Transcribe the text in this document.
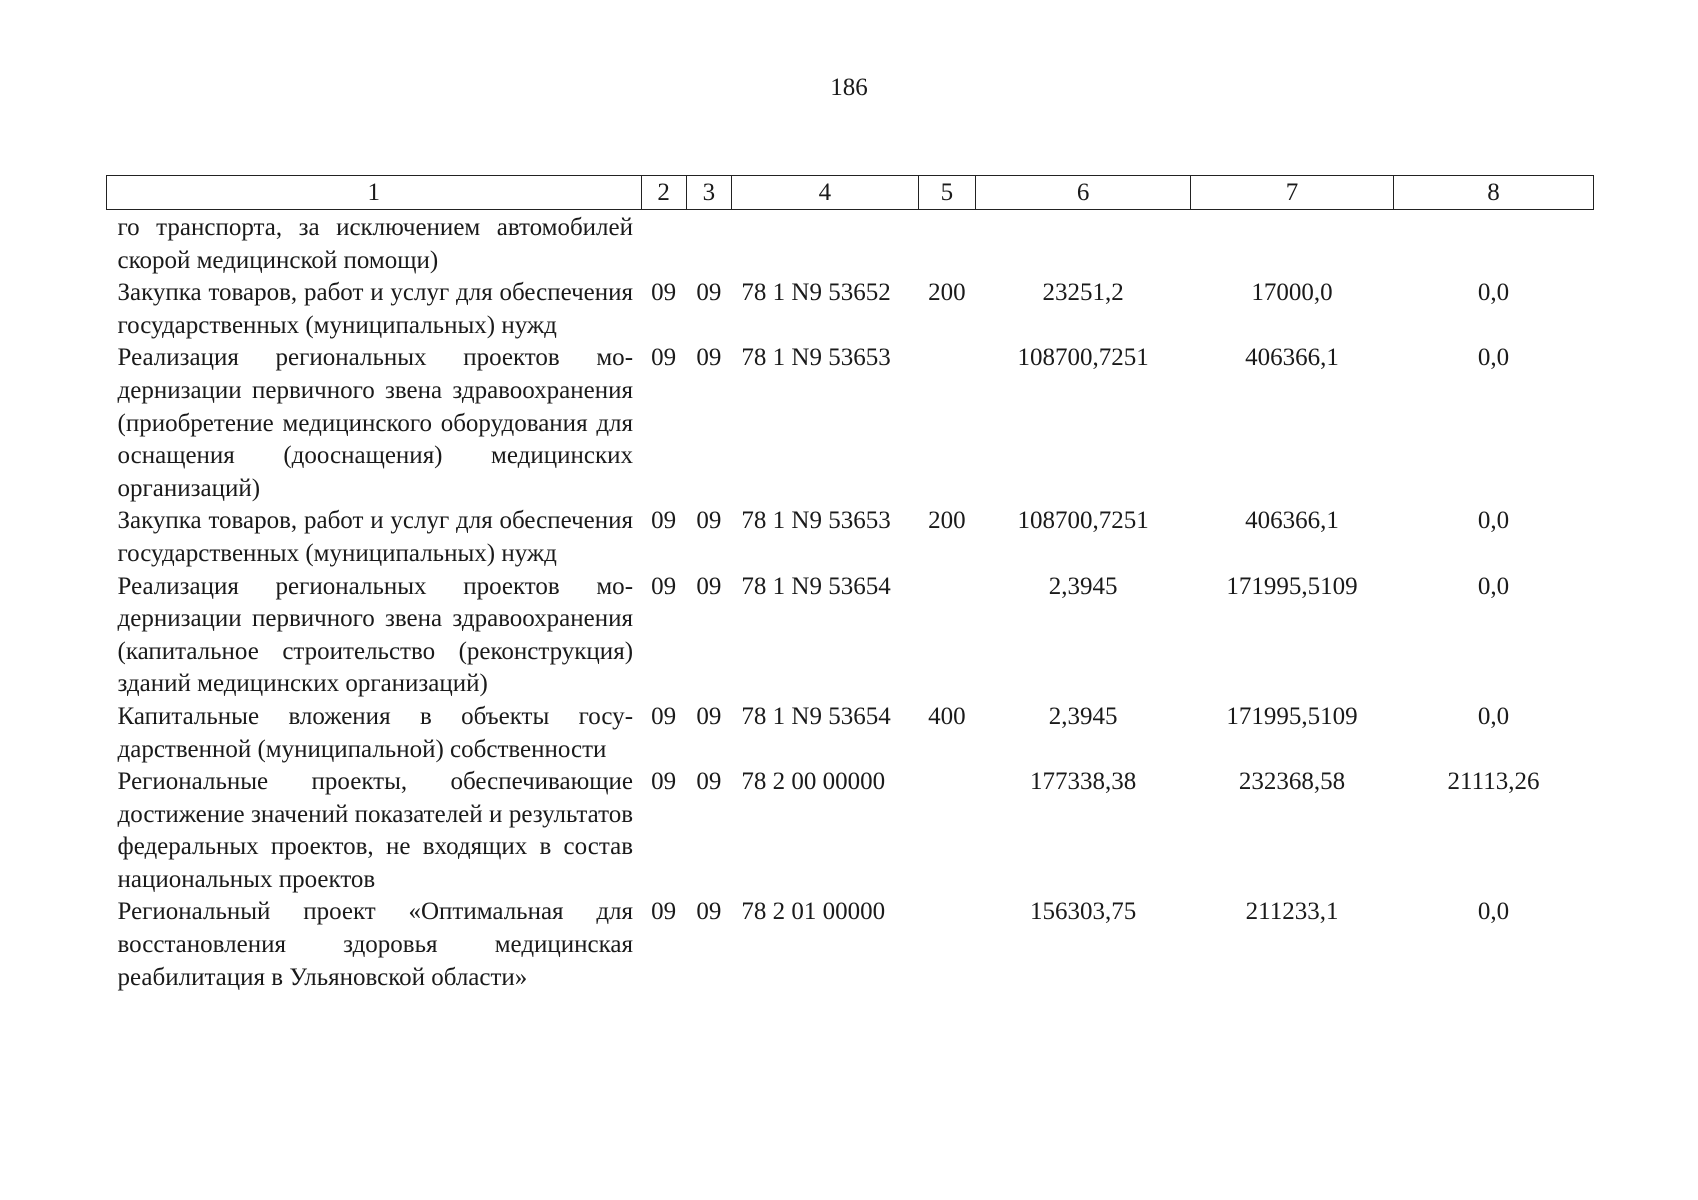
186
1	2	3	4	5	6	7	8
го транспорта, за исключением автомобилей скорой медицинской помощи)							
Закупка товаров, работ и услуг для обеспечения государственных (муниципальных) нужд	09	09	78 1 N9 53652	200	23251,2	17000,0	0,0
Реализация региональных проектов модернизации первичного звена здравоохранения (приобретение медицинского оборудования для оснащения (дооснащения) медицинских организаций)	09	09	78 1 N9 53653		108700,7251	406366,1	0,0
Закупка товаров, работ и услуг для обеспечения государственных (муниципальных) нужд	09	09	78 1 N9 53653	200	108700,7251	406366,1	0,0
Реализация региональных проектов модернизации первичного звена здравоохранения (капитальное строительство (реконструкция) зданий медицинских организаций)	09	09	78 1 N9 53654		2,3945	171995,5109	0,0
Капитальные вложения в объекты государственной (муниципальной) собственности	09	09	78 1 N9 53654	400	2,3945	171995,5109	0,0
Региональные проекты, обеспечивающие достижение значений показателей и результатов федеральных проектов, не входящих в состав национальных проектов	09	09	78 2 00 00000		177338,38	232368,58	21113,26
Региональный проект «Оптимальная для восстановления здоровья медицинская реабилитация в Ульяновской области»	09	09	78 2 01 00000		156303,75	211233,1	0,0
